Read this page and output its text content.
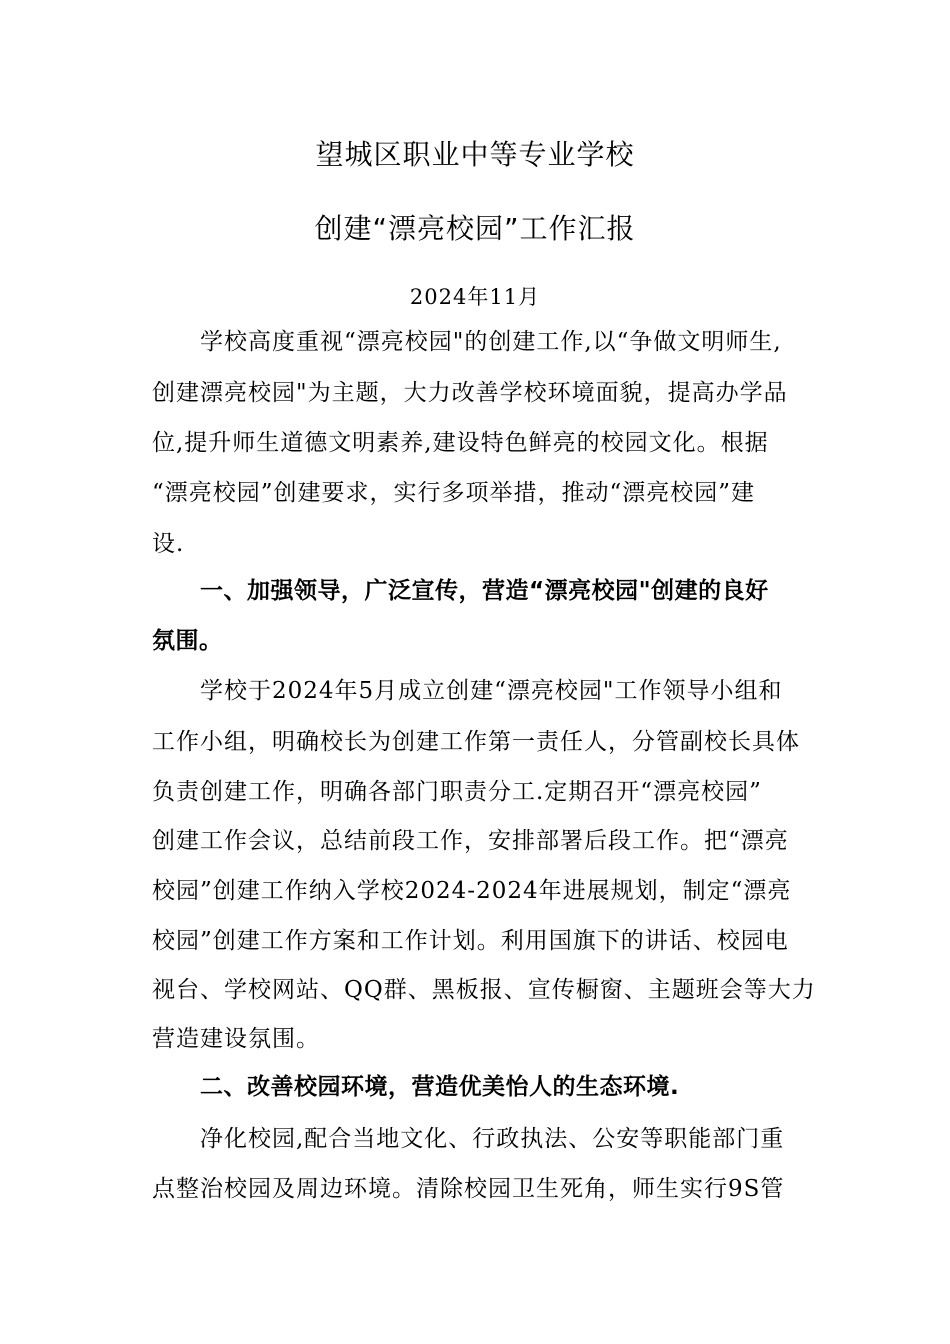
望城区职业中等专业学校
创建“漂亮校园”工作汇报
2024年11月
学校高度重视“漂亮校园"的创建工作,以“争做文明师生,
创建漂亮校园"为主题，大力改善学校环境面貌，提高办学品
位,提升师生道德文明素养,建设特色鲜亮的校园文化。根据
“漂亮校园”创建要求，实行多项举措，推动“漂亮校园”建
设.
一、加强领导，广泛宣传，营造“漂亮校园"创建的良好
氛围。
学校于2024年5月成立创建“漂亮校园"工作领导小组和
工作小组，明确校长为创建工作第一责任人，分管副校长具体
负责创建工作，明确各部门职责分工.定期召开“漂亮校园”
创建工作会议，总结前段工作，安排部署后段工作。把“漂亮
校园”创建工作纳入学校2024-2024年进展规划，制定“漂亮
校园”创建工作方案和工作计划。利用国旗下的讲话、校园电
视台、学校网站、QQ群、黑板报、宣传橱窗、主题班会等大力
营造建设氛围。
二、改善校园环境，营造优美怡人的生态环境.
净化校园,配合当地文化、行政执法、公安等职能部门重
点整治校园及周边环境。清除校园卫生死角，师生实行9S管
